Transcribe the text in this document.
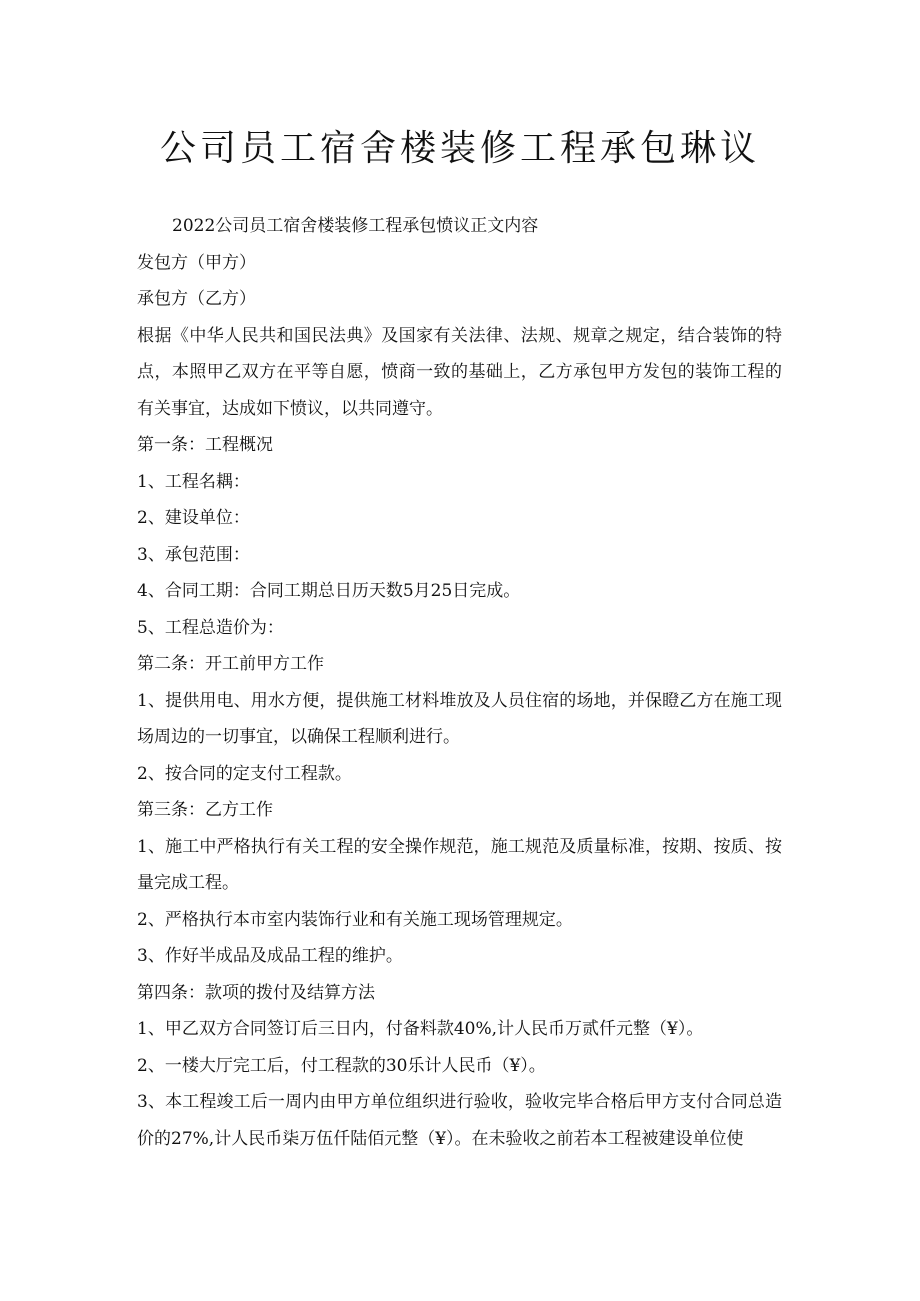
公司员工宿舍楼装修工程承包琳议

2022公司员工宿舍楼装修工程承包愤议正文内容

发包方（甲方）

承包方（乙方）

根据《中华人民共和国民法典》及国家有关法律、法规、规章之规定，结合装饰的特点，本照甲乙双方在平等自愿，愤商一致的基础上，乙方承包甲方发包的装饰工程的有关事宜，达成如下愤议，以共同遵守。

第一条：工程概况

1、工程名耦：

2、建设单位：

3、承包范围：

4、合同工期：合同工期总日历天数5月25日完成。

5、工程总造价为：

第二条：开工前甲方工作

1、提供用电、用水方便，提供施工材料堆放及人员住宿的场地，并保瞪乙方在施工现场周边的一切事宜，以确保工程顺利进行。

2、按合同的定支付工程款。

第三条：乙方工作

1、施工中严格执行有关工程的安全操作规范，施工规范及质量标准，按期、按质、按量完成工程。

2、严格执行本市室内装饰行业和有关施工现场管理规定。

3、作好半成品及成品工程的维护。

第四条：款项的拨付及结算方法

1、甲乙双方合同签订后三日内，付备料款40%,计人民币万贰仟元整（¥）。

2、一楼大厅完工后，付工程款的30乐计人民币（¥）。

3、本工程竣工后一周内由甲方单位组织进行验收，验收完毕合格后甲方支付合同总造价的27%,计人民币柒万伍仟陆佰元整（¥）。在未验收之前若本工程被建设单位使
